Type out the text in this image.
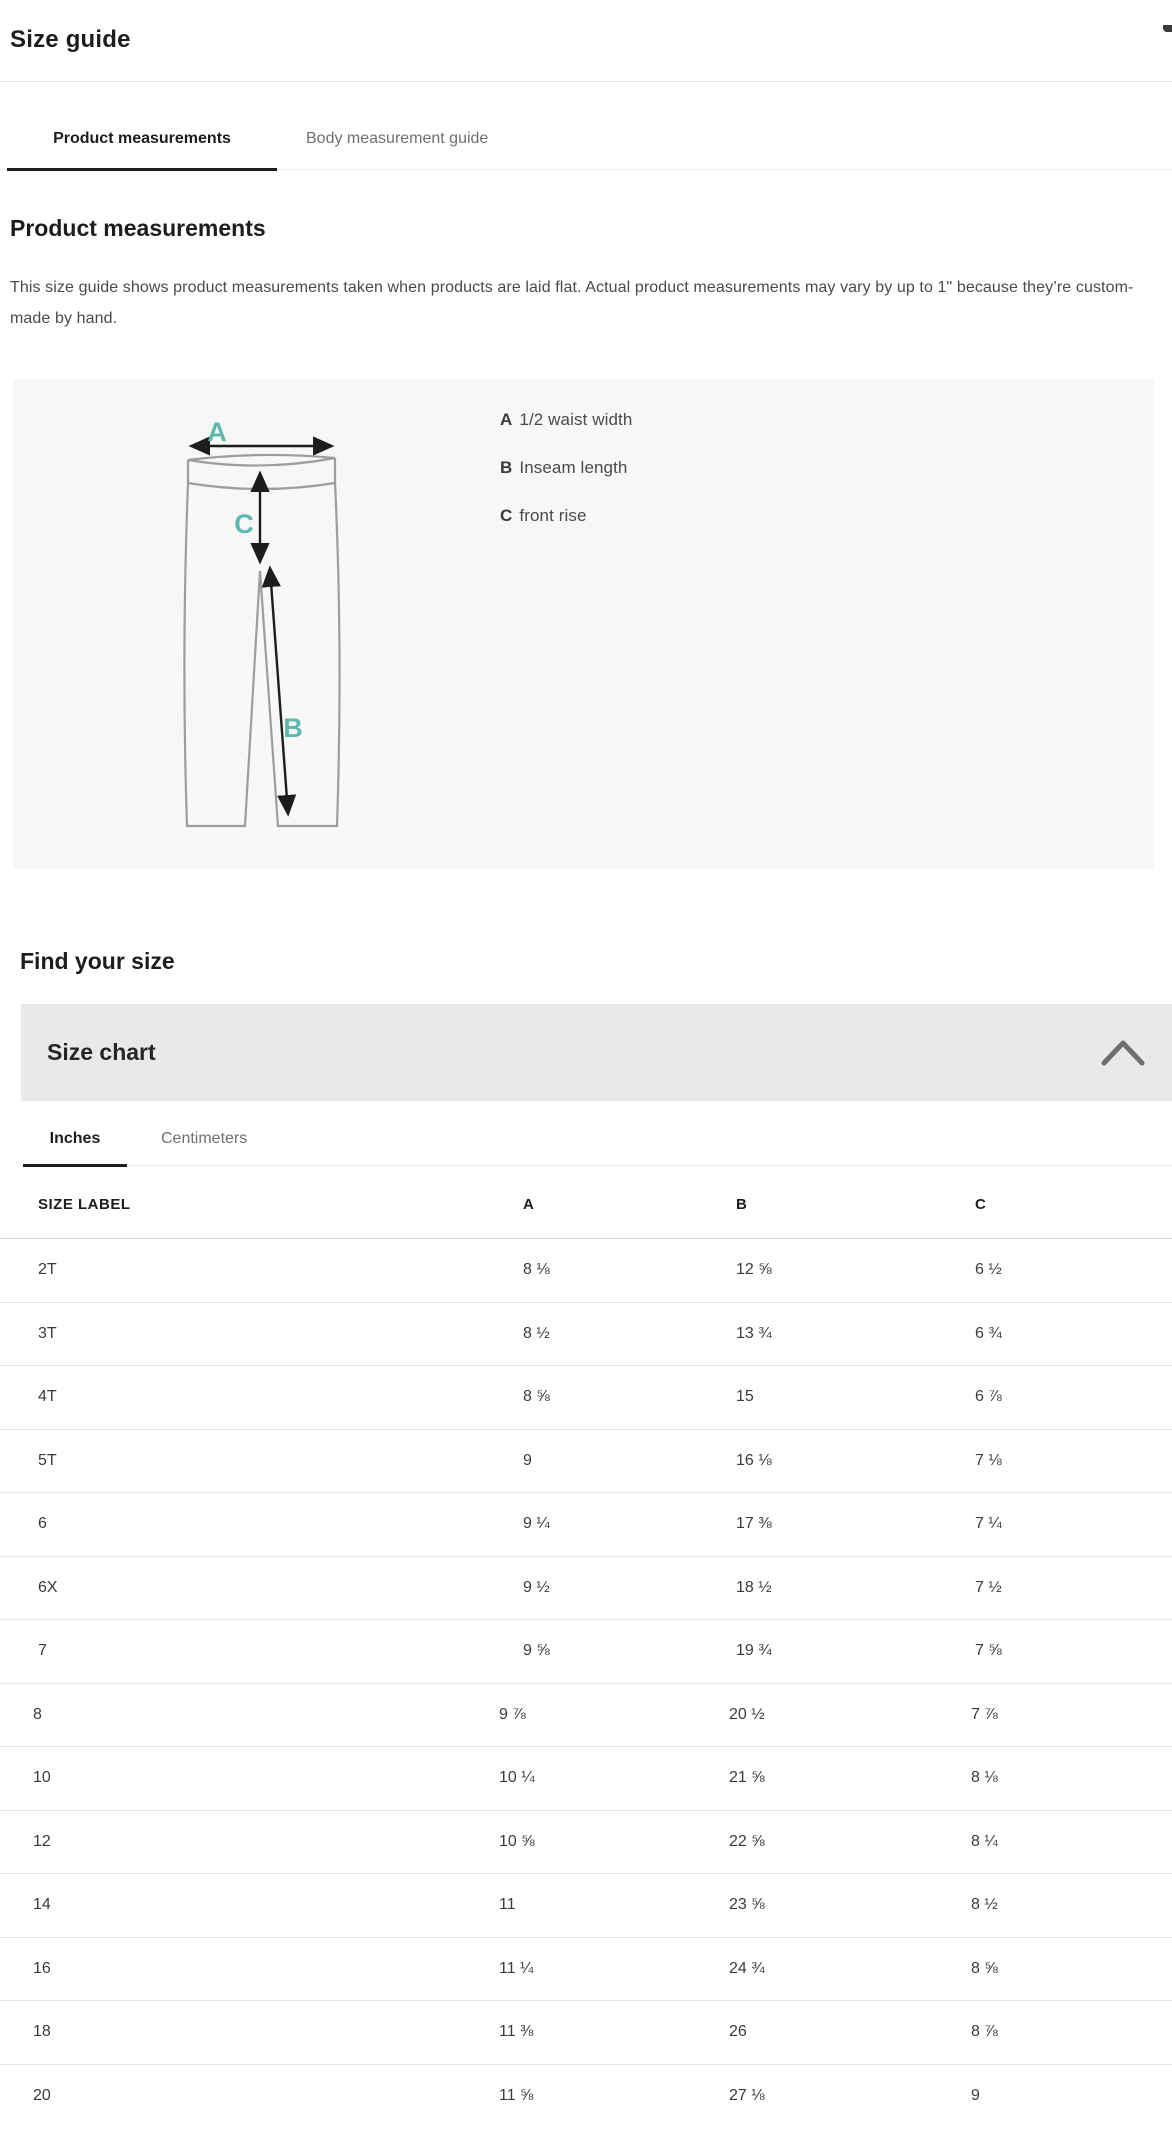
Size guide
Product measurements	Body measurement guide
Product measurements

This size guide shows product measurements taken when products are laid flat. Actual product measurements may vary by up to 1" because they’re custom-made by hand.

A
C
B
A 1/2 waist width
B Inseam length
C front rise
Find your size
Size chart
Inches	Centimeters
SIZE LABEL	A	B	C
2T	8 ⅛	12 ⅝	6 ½
3T	8 ½	13 ¾	6 ¾
4T	8 ⅝	15	6 ⅞
5T	9	16 ⅛	7 ⅛
6	9 ¼	17 ⅜	7 ¼
6X	9 ½	18 ½	7 ½
7	9 ⅝	19 ¾	7 ⅝
8	9 ⅞	20 ½	7 ⅞
10	10 ¼	21 ⅝	8 ⅛
12	10 ⅝	22 ⅝	8 ¼
14	11	23 ⅝	8 ½
16	11 ¼	24 ¾	8 ⅝
18	11 ⅜	26	8 ⅞
20	11 ⅝	27 ⅛	9
